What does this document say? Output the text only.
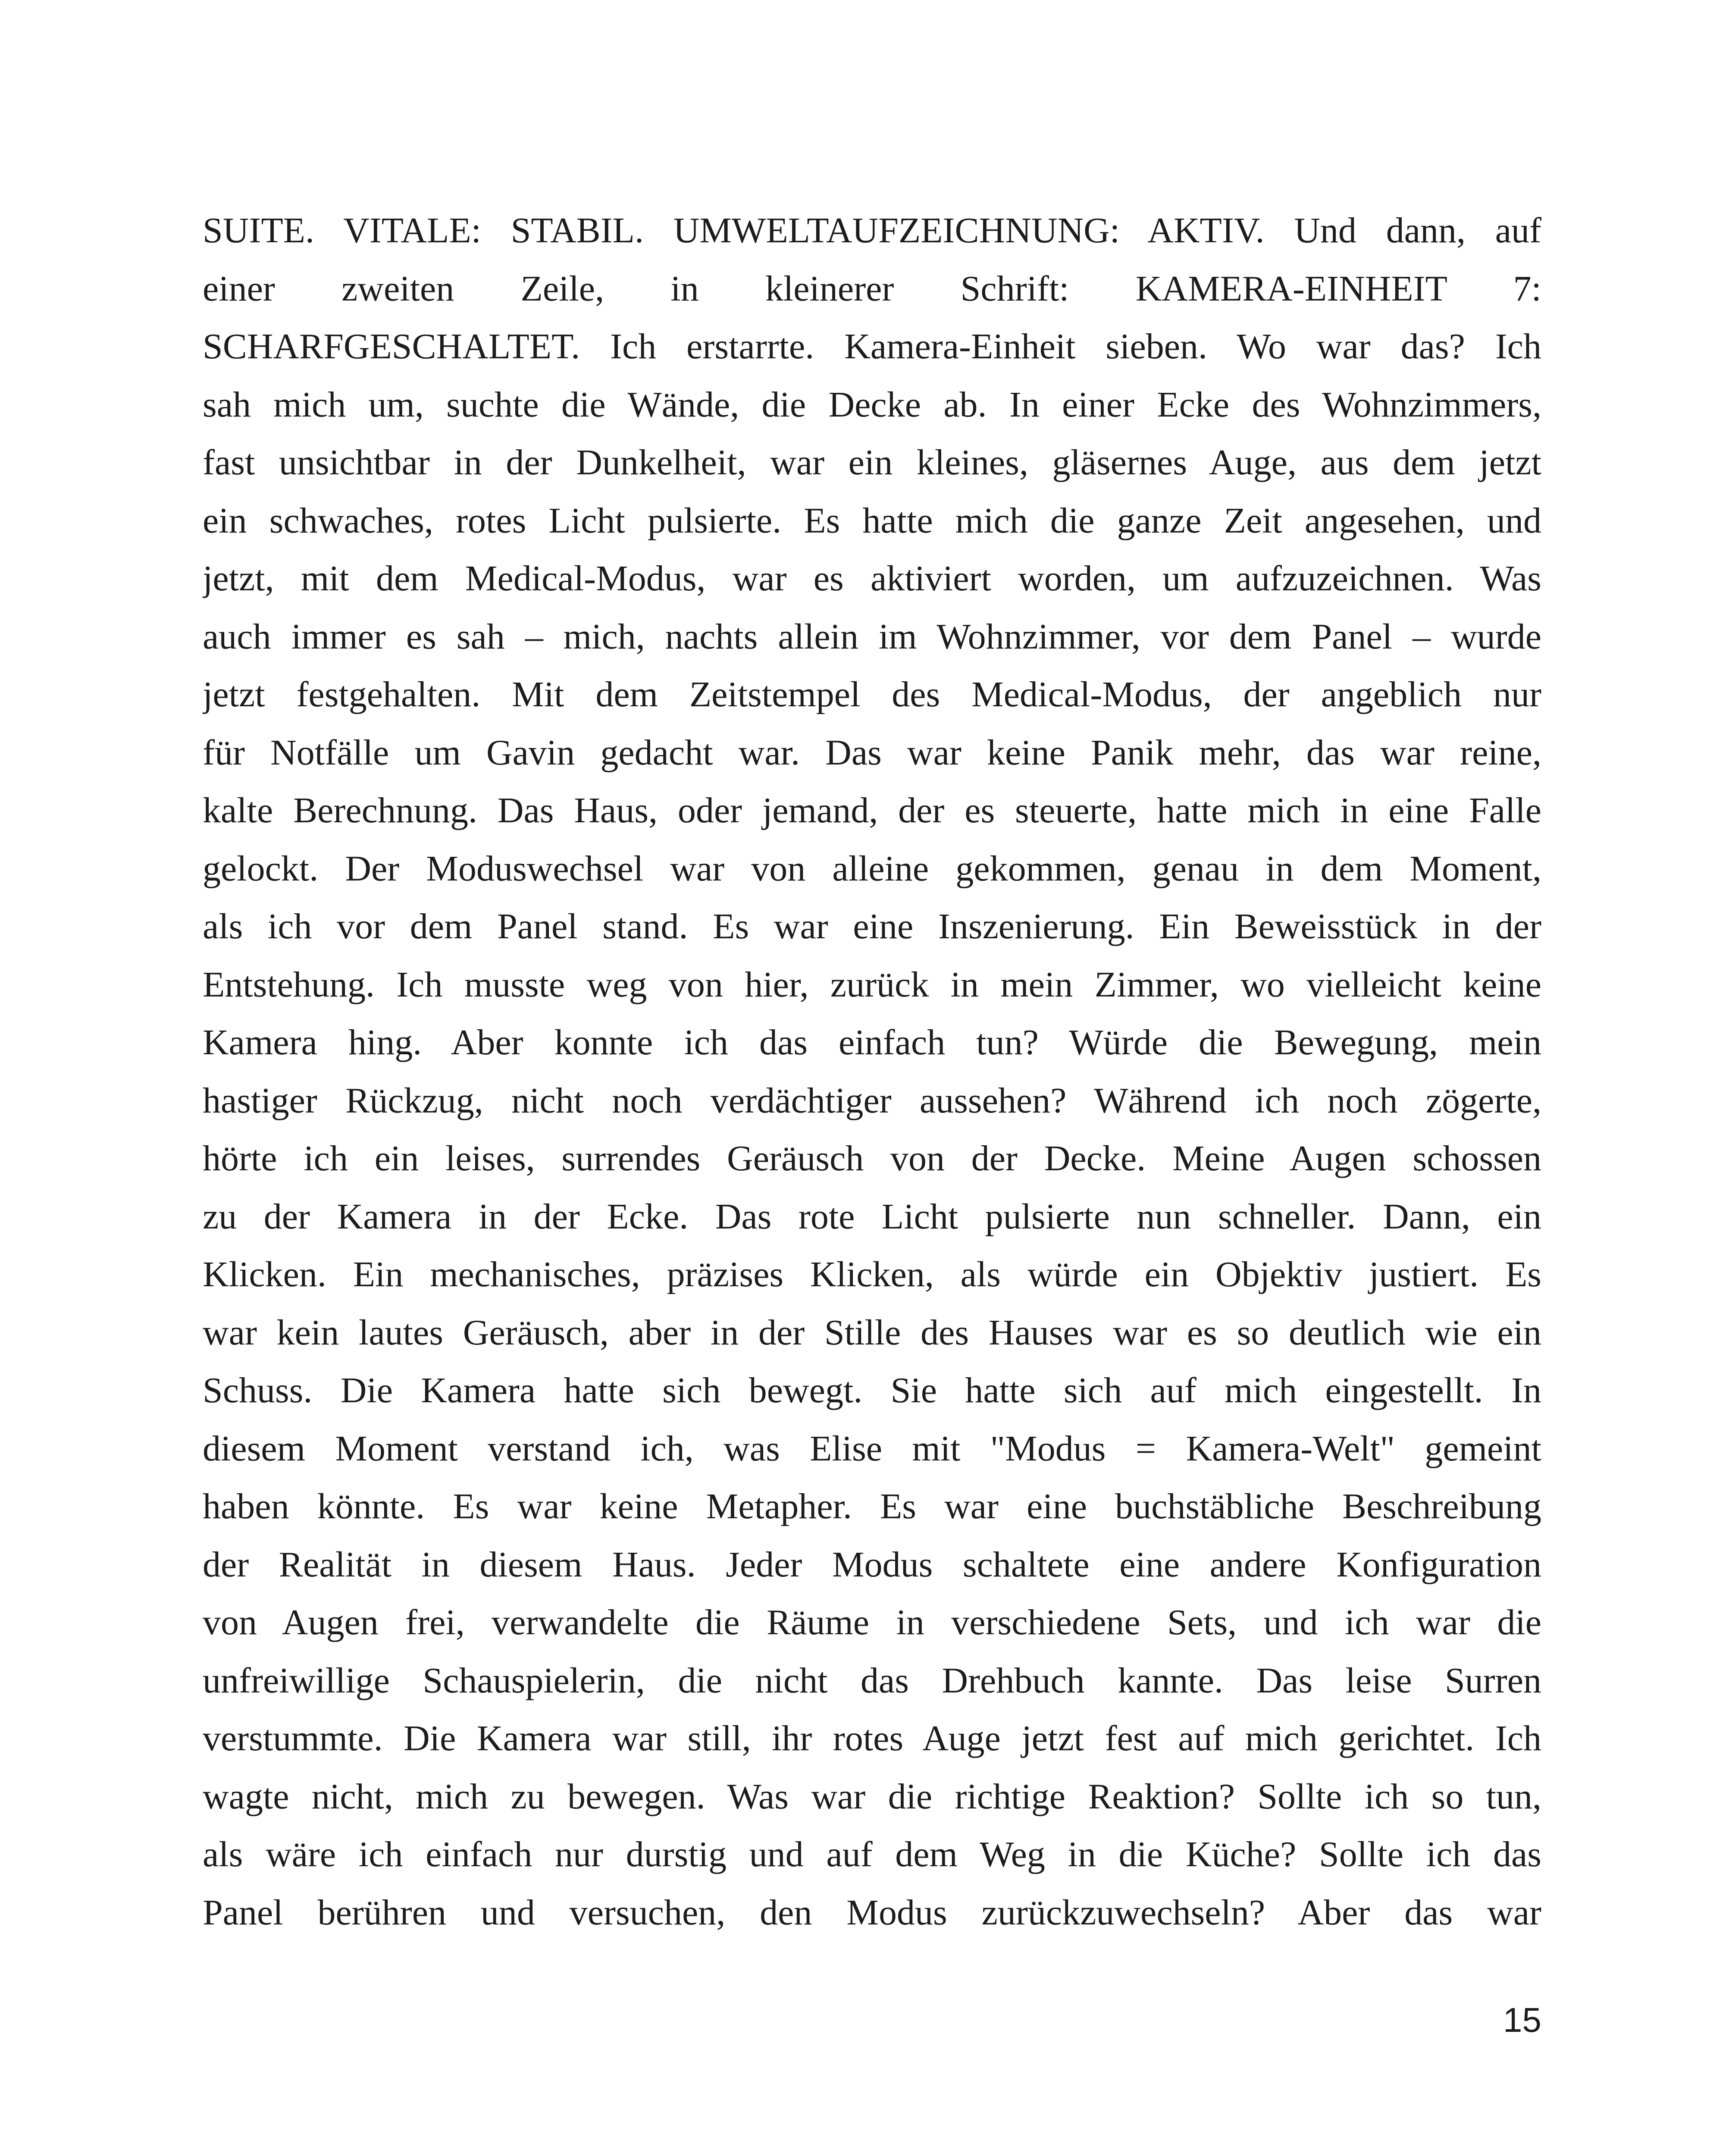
SUITE. VITALE: STABIL. UMWELTAUFZEICHNUNG: AKTIV. Und dann, auf
einer zweiten Zeile, in kleinerer Schrift: KAMERA-EINHEIT 7:
SCHARFGESCHALTET. Ich erstarrte. Kamera-Einheit sieben. Wo war das? Ich
sah mich um, suchte die Wände, die Decke ab. In einer Ecke des Wohnzimmers,
fast unsichtbar in der Dunkelheit, war ein kleines, gläsernes Auge, aus dem jetzt
ein schwaches, rotes Licht pulsierte. Es hatte mich die ganze Zeit angesehen, und
jetzt, mit dem Medical-Modus, war es aktiviert worden, um aufzuzeichnen. Was
auch immer es sah – mich, nachts allein im Wohnzimmer, vor dem Panel – wurde
jetzt festgehalten. Mit dem Zeitstempel des Medical-Modus, der angeblich nur
für Notfälle um Gavin gedacht war. Das war keine Panik mehr, das war reine,
kalte Berechnung. Das Haus, oder jemand, der es steuerte, hatte mich in eine Falle
gelockt. Der Moduswechsel war von alleine gekommen, genau in dem Moment,
als ich vor dem Panel stand. Es war eine Inszenierung. Ein Beweisstück in der
Entstehung. Ich musste weg von hier, zurück in mein Zimmer, wo vielleicht keine
Kamera hing. Aber konnte ich das einfach tun? Würde die Bewegung, mein
hastiger Rückzug, nicht noch verdächtiger aussehen? Während ich noch zögerte,
hörte ich ein leises, surrendes Geräusch von der Decke. Meine Augen schossen
zu der Kamera in der Ecke. Das rote Licht pulsierte nun schneller. Dann, ein
Klicken. Ein mechanisches, präzises Klicken, als würde ein Objektiv justiert. Es
war kein lautes Geräusch, aber in der Stille des Hauses war es so deutlich wie ein
Schuss. Die Kamera hatte sich bewegt. Sie hatte sich auf mich eingestellt. In
diesem Moment verstand ich, was Elise mit "Modus = Kamera-Welt" gemeint
haben könnte. Es war keine Metapher. Es war eine buchstäbliche Beschreibung
der Realität in diesem Haus. Jeder Modus schaltete eine andere Konfiguration
von Augen frei, verwandelte die Räume in verschiedene Sets, und ich war die
unfreiwillige Schauspielerin, die nicht das Drehbuch kannte. Das leise Surren
verstummte. Die Kamera war still, ihr rotes Auge jetzt fest auf mich gerichtet. Ich
wagte nicht, mich zu bewegen. Was war die richtige Reaktion? Sollte ich so tun,
als wäre ich einfach nur durstig und auf dem Weg in die Küche? Sollte ich das
Panel berühren und versuchen, den Modus zurückzuwechseln? Aber das war
15
